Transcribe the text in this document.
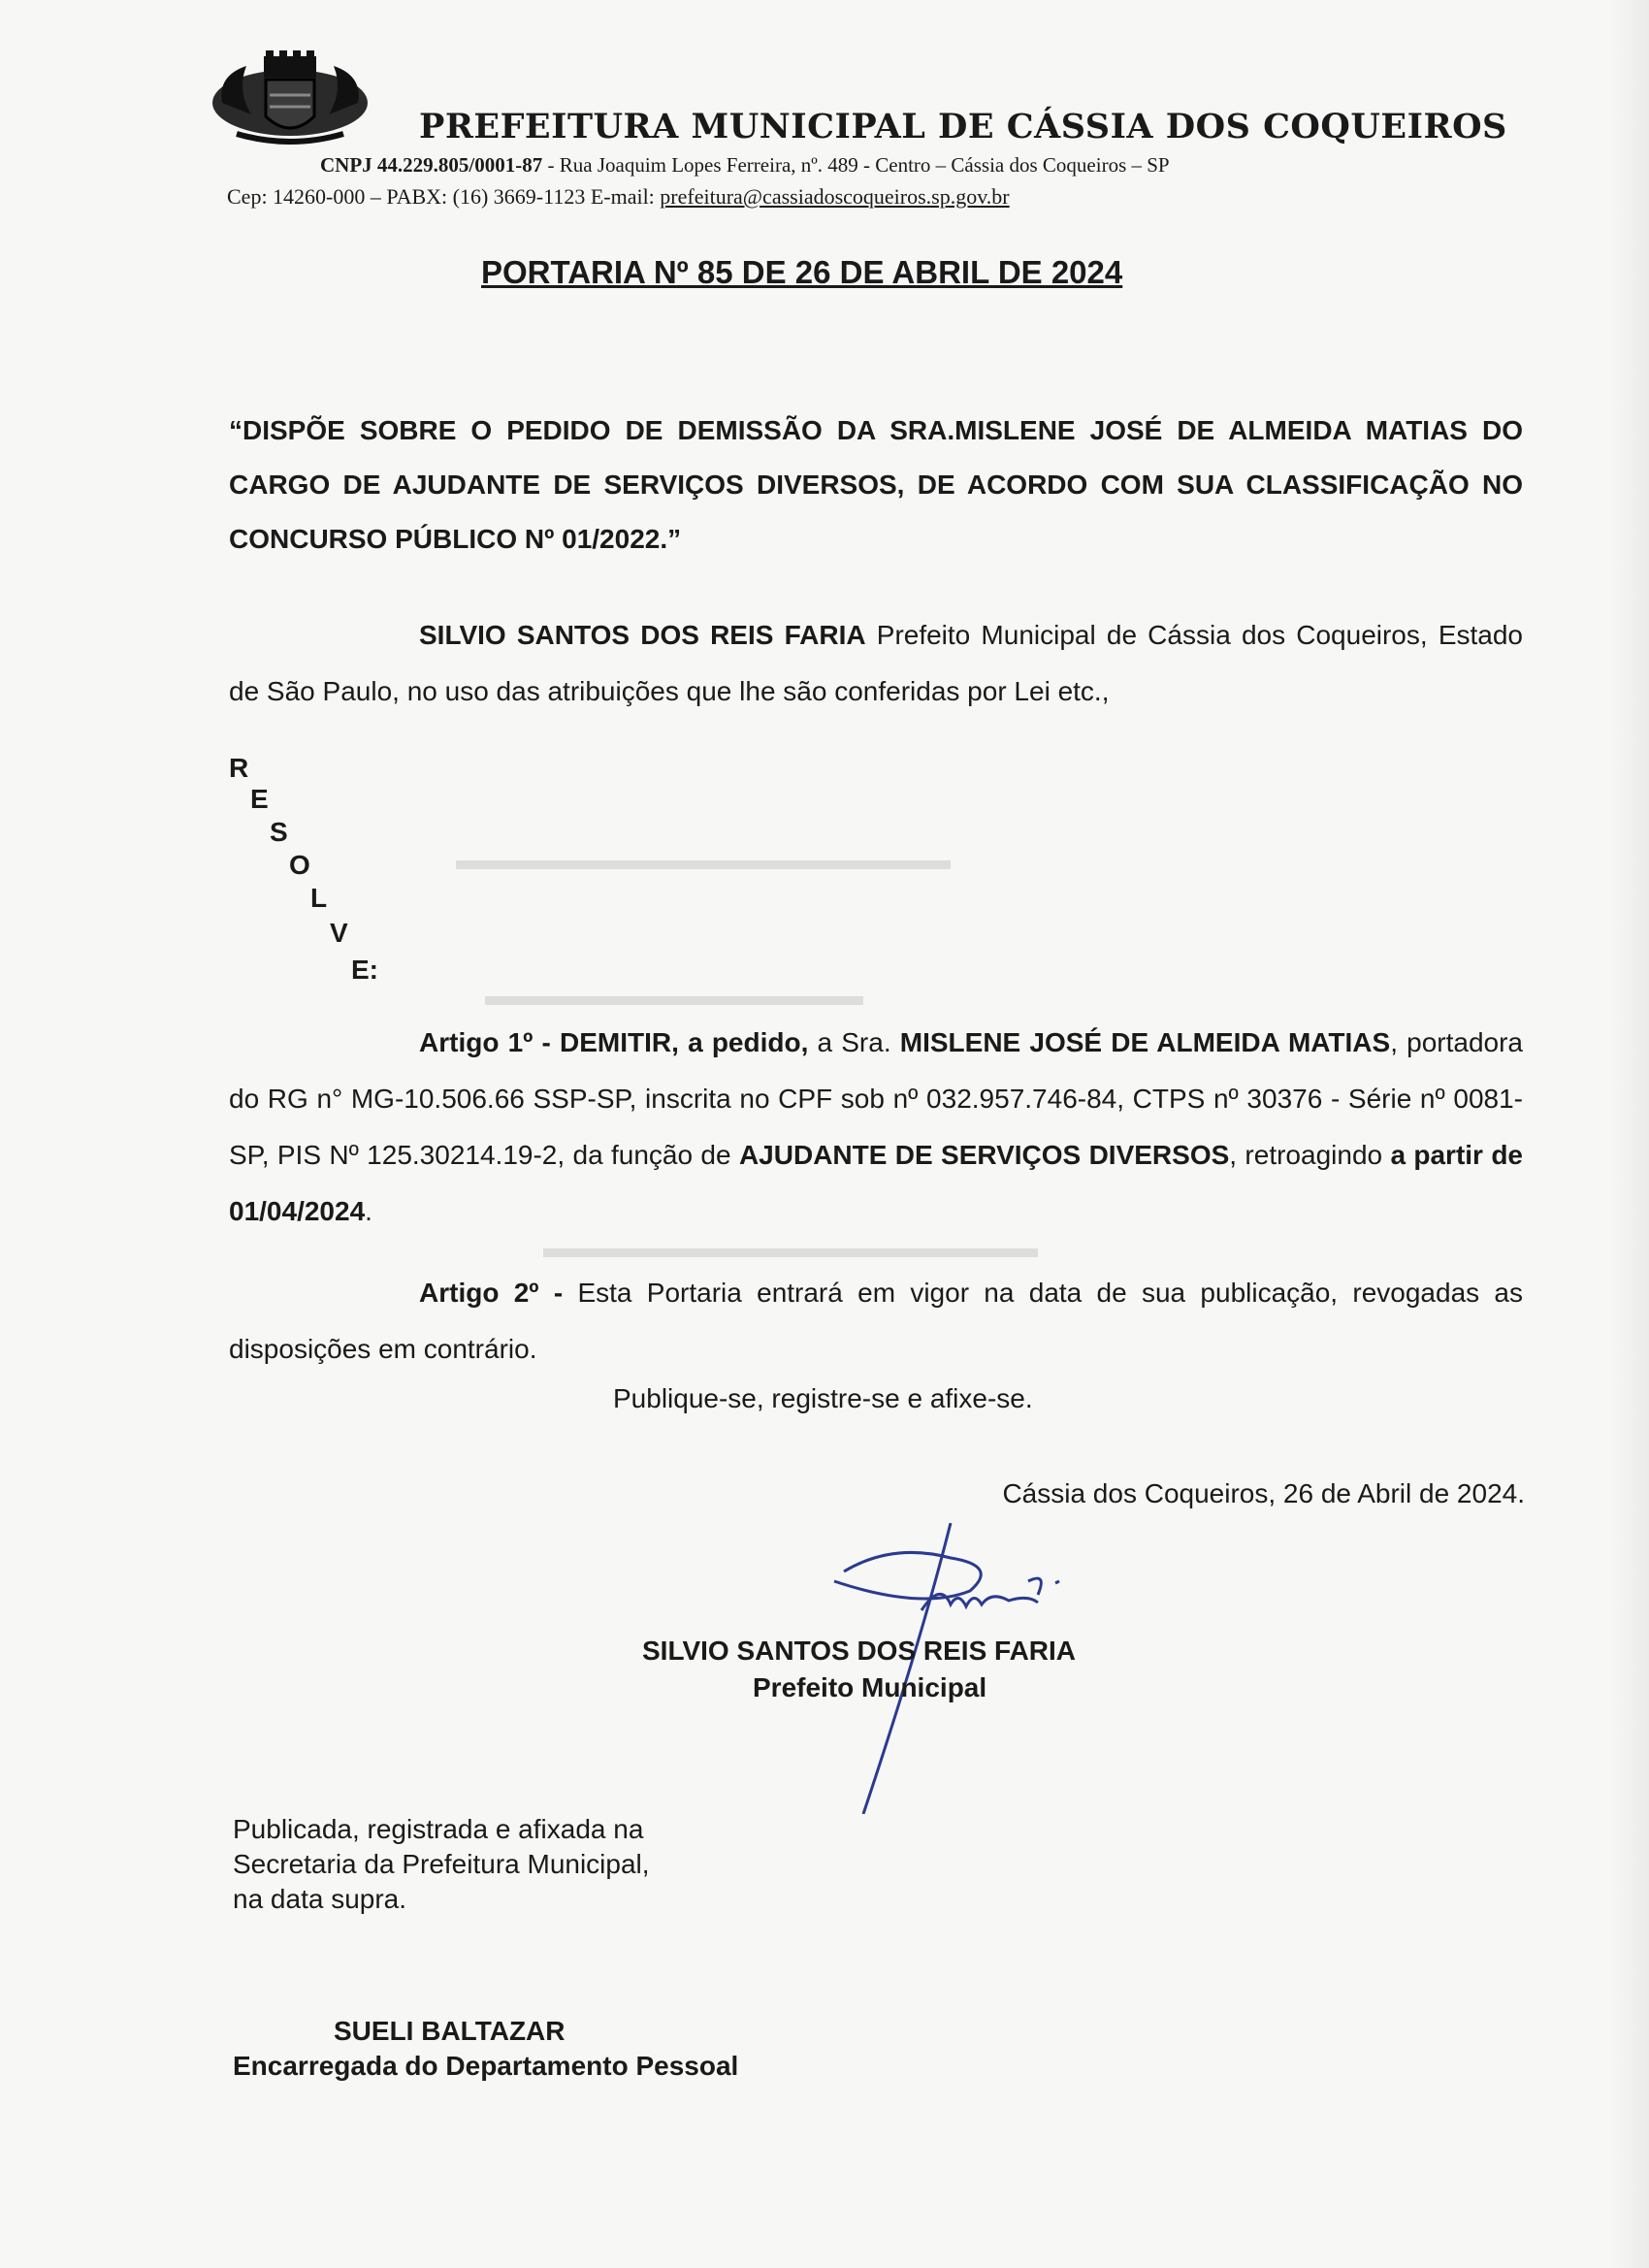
▬▬▬▬▬▬▬▬▬▬▬▬▬▬▬▬▬
▬▬▬▬▬▬▬▬▬▬▬▬▬
▬▬▬▬▬▬▬▬▬▬▬▬▬▬▬▬▬
PREFEITURA MUNICIPAL DE CÁSSIA DOS COQUEIROS
CNPJ 44.229.805/0001-87 - Rua Joaquim Lopes Ferreira, nº. 489 - Centro – Cássia dos Coqueiros – SP
Cep: 14260-000 – PABX: (16) 3669-1123 E-mail: prefeitura@cassiadoscoqueiros.sp.gov.br
PORTARIA Nº 85 DE 26 DE ABRIL DE 2024
“DISPÕE SOBRE O PEDIDO DE DEMISSÃO DA SRA.MISLENE JOSÉ DE ALMEIDA MATIAS DO CARGO DE AJUDANTE DE SERVIÇOS DIVERSOS, DE ACORDO COM SUA CLASSIFICAÇÃO NO CONCURSO PÚBLICO Nº 01/2022.”
SILVIO SANTOS DOS REIS FARIA Prefeito Municipal de Cássia dos Coqueiros, Estado de São Paulo, no uso das atribuições que lhe são conferidas por Lei etc.,
R
E
S
O
L
V
E:
Artigo 1º - DEMITIR, a pedido, a Sra. MISLENE JOSÉ DE ALMEIDA MATIAS, portadora do RG n° MG-10.506.66 SSP-SP, inscrita no CPF sob nº 032.957.746-84, CTPS nº 30376 - Série nº 0081-SP, PIS Nº 125.30214.19-2, da função de AJUDANTE DE SERVIÇOS DIVERSOS, retroagindo a partir de 01/04/2024.
Artigo 2º - Esta Portaria entrará em vigor na data de sua publicação, revogadas as disposições em contrário.
Publique-se, registre-se e afixe-se.
Cássia dos Coqueiros, 26 de Abril de 2024.
SILVIO SANTOS DOS REIS FARIA
Prefeito Municipal
Publicada, registrada e afixada na
Secretaria da Prefeitura Municipal,
na data supra.
SUELI BALTAZAR
Encarregada do Departamento Pessoal
